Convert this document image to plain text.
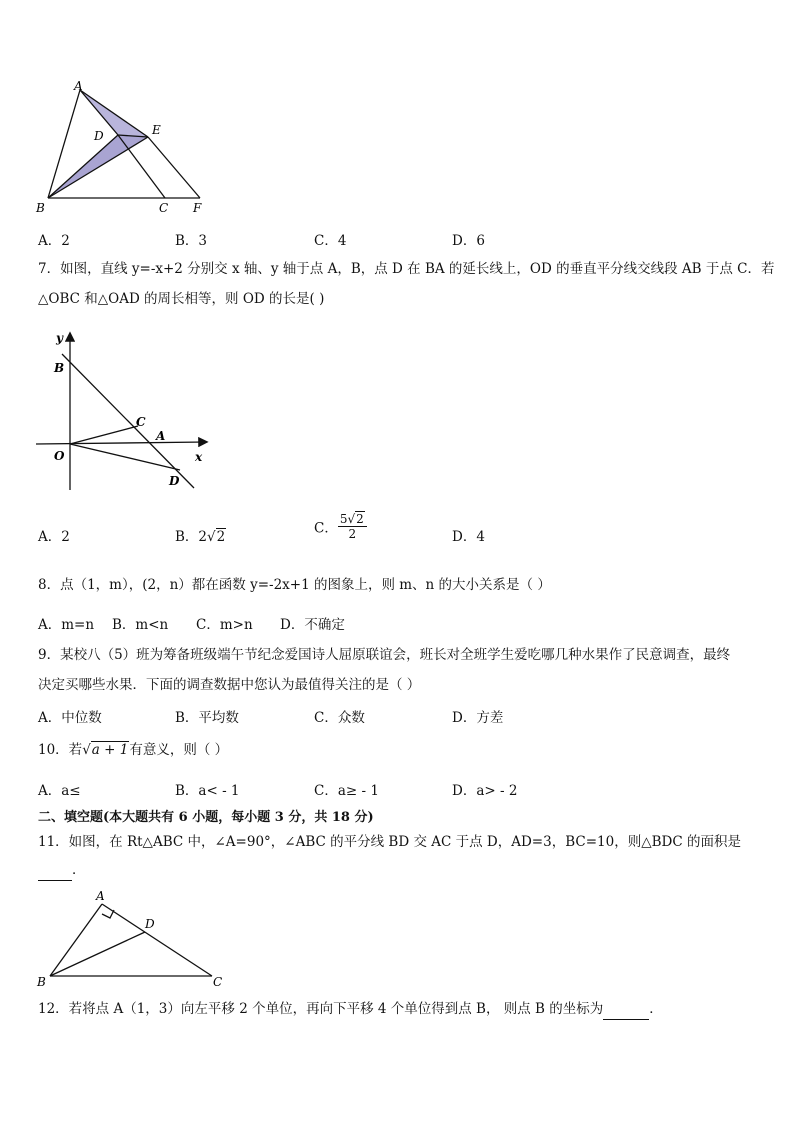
A
D	E
B	C F
A．2	B．3	C．4	D．6
7．如图，直线 y=-x+2 分别交 x 轴、y 轴于点 A，B，点 D 在 BA 的延长线上，OD 的垂直平分线交线段 AB 于点 C．若
△OBC 和△OAD 的周长相等，则 OD 的长是( )
y
B
C
A
O	x
D
A．2	B．2√2
C． $\frac{5√2}{2}$	D．4
8．点（1，m），(2，n）都在函数 y=-2x+1 的图象上，则 m、n 的大小关系是（ ）
A．m=n B．m<n C．m>n D．不确定
9．某校八（5）班为筹备班级端午节纪念爱国诗人屈原联谊会，班长对全班学生爱吃哪几种水果作了民意调查，最终
决定买哪些水果．下面的调查数据中您认为最值得关注的是（ ）
A．中位数	B．平均数	C．众数	D．方差
10．若√a + 1有意义，则（ ）
A．a≤	B．a< - 1	C．a≥ - 1	D．a> - 2
二、填空题(本大题共有 6 小题，每小题 3 分，共 18 分)
11．如图，在 Rt△ABC 中，∠A=90°，∠ABC 的平分线 BD 交 AC 于点 D，AD=3，BC=10，则△BDC 的面积是
．
A
D
B	C
12．若将点 A（1，3）向左平移 2 个单位，再向下平移 4 个单位得到点 B， 则点 B 的坐标为	．
